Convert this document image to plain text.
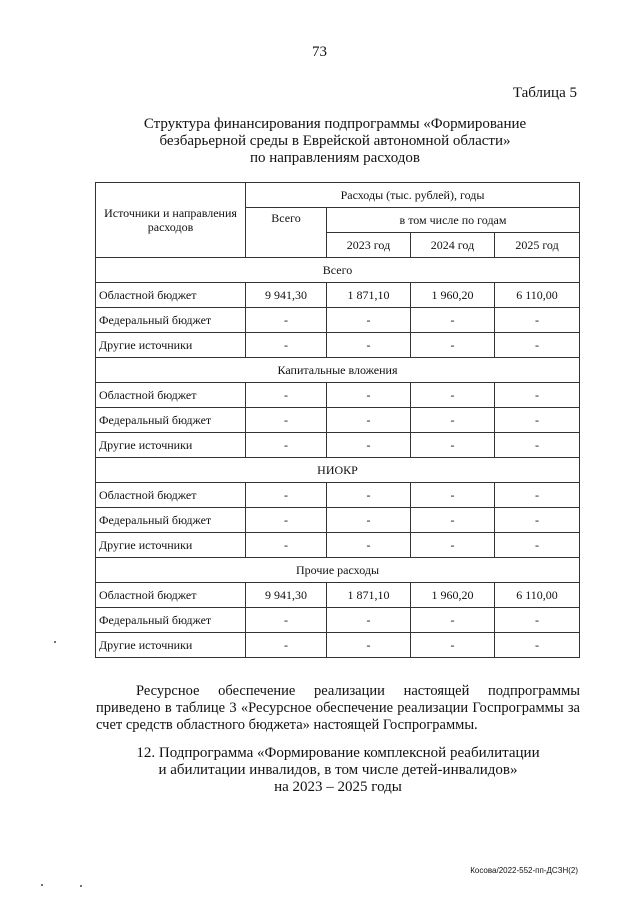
73
Таблица 5
Структура финансирования подпрограммы «Формирование
безбарьерной среды в Еврейской автономной области»
по направлениям расходов
Источники и направления расходов	Расходы (тыс. рублей), годы			
	Всего	в том числе по годам		
		2023 год	2024 год	2025 год
Всего				
Областной бюджет	9 941,30	1 871,10	1 960,20	6 110,00
Федеральный бюджет	-	-	-	-
Другие источники	-	-	-	-
Капитальные вложения				
Областной бюджет	-	-	-	-
Федеральный бюджет	-	-	-	-
Другие источники	-	-	-	-
НИОКР				
Областной бюджет	-	-	-	-
Федеральный бюджет	-	-	-	-
Другие источники	-	-	-	-
Прочие расходы				
Областной бюджет	9 941,30	1 871,10	1 960,20	6 110,00
Федеральный бюджет	-	-	-	-
Другие источники	-	-	-	-
Ресурсное обеспечение реализации настоящей подпрограммы
приведено в таблице 3 «Ресурсное обеспечение реализации Госпрограммы за счет средств областного бюджета» настоящей Госпрограммы.
12. Подпрограмма «Формирование комплексной реабилитации
и абилитации инвалидов, в том числе детей-инвалидов»
на 2023 – 2025 годы
Косова/2022-552-пп-ДСЗН(2)
